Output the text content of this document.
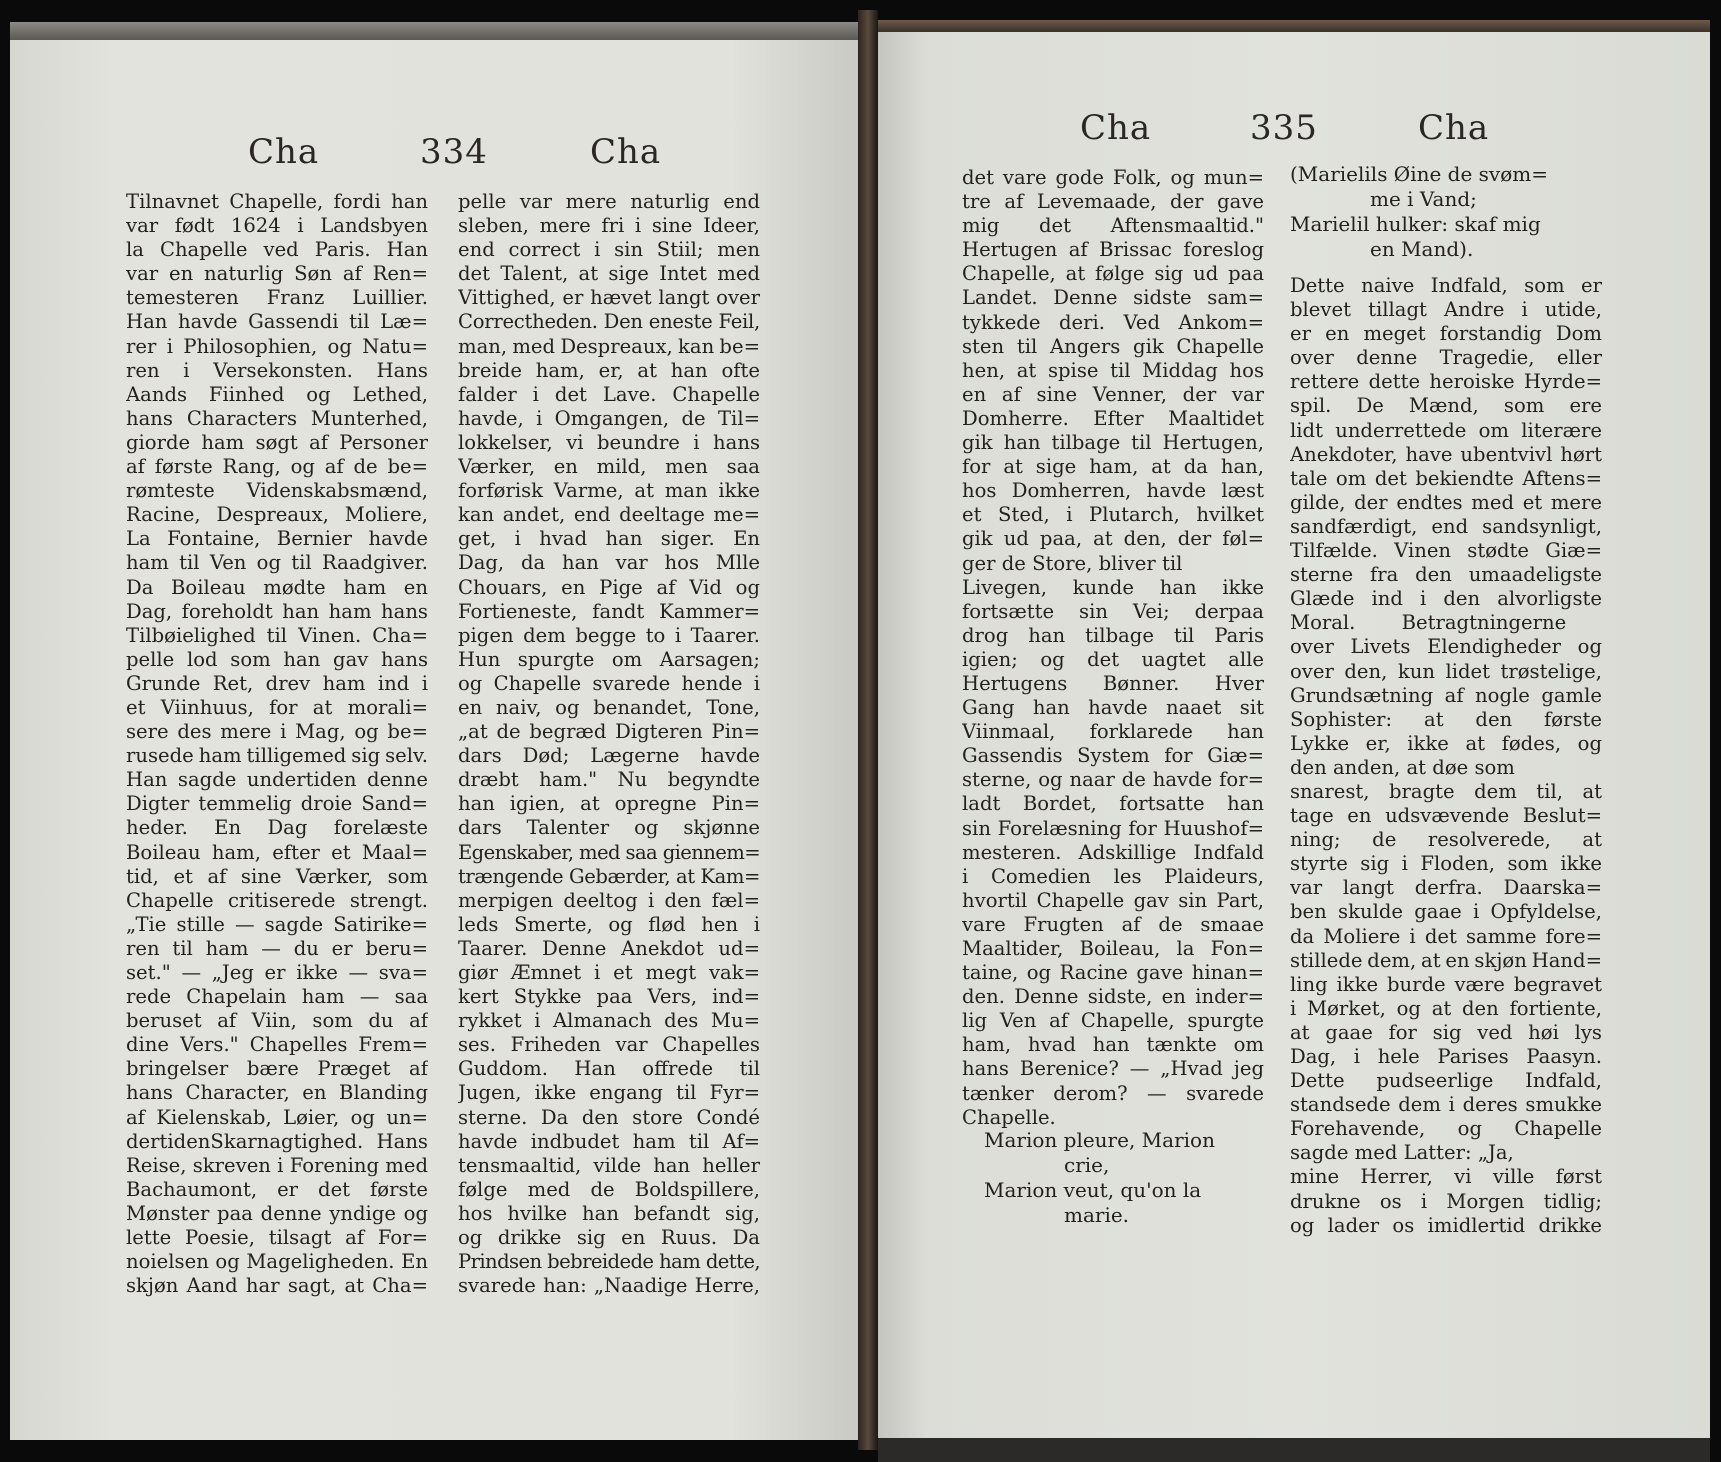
Cha	334	Cha
Tilnavnet Chapelle, fordi han
var født 1624 i Landsbyen
la Chapelle ved Paris. Han
var en naturlig Søn af Ren=
temesteren Franz Luillier.
Han havde Gassendi til Læ=
rer i Philosophien, og Natu=
ren i Versekonsten. Hans
Aands Fiinhed og Lethed,
hans Characters Munterhed,
giorde ham søgt af Personer
af første Rang, og af de be=
rømteste Videnskabsmænd,
Racine, Despreaux, Moliere,
La Fontaine, Bernier havde
ham til Ven og til Raadgiver.
Da Boileau mødte ham en
Dag, foreholdt han ham hans
Tilbøielighed til Vinen. Cha=
pelle lod som han gav hans
Grunde Ret, drev ham ind i
et Viinhuus, for at morali=
sere des mere i Mag, og be=
rusede ham tilligemed sig selv.
Han sagde undertiden denne
Digter temmelig droie Sand=
heder. En Dag forelæste
Boileau ham, efter et Maal=
tid, et af sine Værker, som
Chapelle critiserede strengt.
„Tie stille — sagde Satirike=
ren til ham — du er beru=
set." — „Jeg er ikke — sva=
rede Chapelain ham — saa
beruset af Viin, som du af
dine Vers." Chapelles Frem=
bringelser bære Præget af
hans Character, en Blanding
af Kielenskab, Løier, og un=
dertidenSkarnagtighed. Hans
Reise, skreven i Forening med
Bachaumont, er det første
Mønster paa denne yndige og
lette Poesie, tilsagt af For=
noielsen og Mageligheden. En
skjøn Aand har sagt, at Cha=
pelle var mere naturlig end
sleben, mere fri i sine Ideer,
end correct i sin Stiil; men
det Talent, at sige Intet med
Vittighed, er hævet langt over
Correctheden. Den eneste Feil,
man, med Despreaux, kan be=
breide ham, er, at han ofte
falder i det Lave. Chapelle
havde, i Omgangen, de Til=
lokkelser, vi beundre i hans
Værker, en mild, men saa
forførisk Varme, at man ikke
kan andet, end deeltage me=
get, i hvad han siger. En
Dag, da han var hos Mlle
Chouars, en Pige af Vid og
Fortieneste, fandt Kammer=
pigen dem begge to i Taarer.
Hun spurgte om Aarsagen;
og Chapelle svarede hende i
en naiv, og benandet, Tone,
„at de begræd Digteren Pin=
dars Død; Lægerne havde
dræbt ham." Nu begyndte
han igien, at opregne Pin=
dars Talenter og skjønne
Egenskaber, med saa giennem=
trængende Gebærder, at Kam=
merpigen deeltog i den fæl=
leds Smerte, og flød hen i
Taarer. Denne Anekdot ud=
giør Æmnet i et megt vak=
kert Stykke paa Vers, ind=
rykket i Almanach des Mu=
ses. Friheden var Chapelles
Guddom. Han offrede til
Jugen, ikke engang til Fyr=
sterne. Da den store Condé
havde indbudet ham til Af=
tensmaaltid, vilde han heller
følge med de Boldspillere,
hos hvilke han befandt sig,
og drikke sig en Ruus. Da
Prindsen bebreidede ham dette,
svarede han: „Naadige Herre,
Cha	335	Cha
det vare gode Folk, og mun=
tre af Levemaade, der gave
mig det Aftensmaaltid."
Hertugen af Brissac foreslog
Chapelle, at følge sig ud paa
Landet. Denne sidste sam=
tykkede deri. Ved Ankom=
sten til Angers gik Chapelle
hen, at spise til Middag hos
en af sine Venner, der var
Domherre. Efter Maaltidet
gik han tilbage til Hertugen,
for at sige ham, at da han,
hos Domherren, havde læst
et Sted, i Plutarch, hvilket
gik ud paa, at den, der føl=
ger de Store, bliver til
Livegen, kunde han ikke
fortsætte sin Vei; derpaa
drog han tilbage til Paris
igien; og det uagtet alle
Hertugens Bønner. Hver
Gang han havde naaet sit
Viinmaal, forklarede han
Gassendis System for Giæ=
sterne, og naar de havde for=
ladt Bordet, fortsatte han
sin Forelæsning for Huushof=
mesteren. Adskillige Indfald
i Comedien les Plaideurs,
hvortil Chapelle gav sin Part,
vare Frugten af de smaae
Maaltider, Boileau, la Fon=
taine, og Racine gave hinan=
den. Denne sidste, en inder=
lig Ven af Chapelle, spurgte
ham, hvad han tænkte om
hans Berenice? — „Hvad jeg
tænker derom? — svarede
Chapelle.
Marion pleure, Marion
crie,
Marion veut, qu'on la
marie.
(Marielils Øine de svøm=
me i Vand;
Marielil hulker: skaf mig
en Mand).
Dette naive Indfald, som er
blevet tillagt Andre i utide,
er en meget forstandig Dom
over denne Tragedie, eller
rettere dette heroiske Hyrde=
spil. De Mænd, som ere
lidt underrettede om literære
Anekdoter, have ubentvivl hørt
tale om det bekiendte Aftens=
gilde, der endtes med et mere
sandfærdigt, end sandsynligt,
Tilfælde. Vinen stødte Giæ=
sterne fra den umaadeligste
Glæde ind i den alvorligste
Moral. Betragtningerne
over Livets Elendigheder og
over den, kun lidet trøstelige,
Grundsætning af nogle gamle
Sophister: at den første
Lykke er, ikke at fødes, og
den anden, at døe som
snarest, bragte dem til, at
tage en udsvævende Beslut=
ning; de resolverede, at
styrte sig i Floden, som ikke
var langt derfra. Daarska=
ben skulde gaae i Opfyldelse,
da Moliere i det samme fore=
stillede dem, at en skjøn Hand=
ling ikke burde være begravet
i Mørket, og at den fortiente,
at gaae for sig ved høi lys
Dag, i hele Parises Paasyn.
Dette pudseerlige Indfald,
standsede dem i deres smukke
Forehavende, og Chapelle
sagde med Latter: „Ja,
mine Herrer, vi ville først
drukne os i Morgen tidlig;
og lader os imidlertid drikke
